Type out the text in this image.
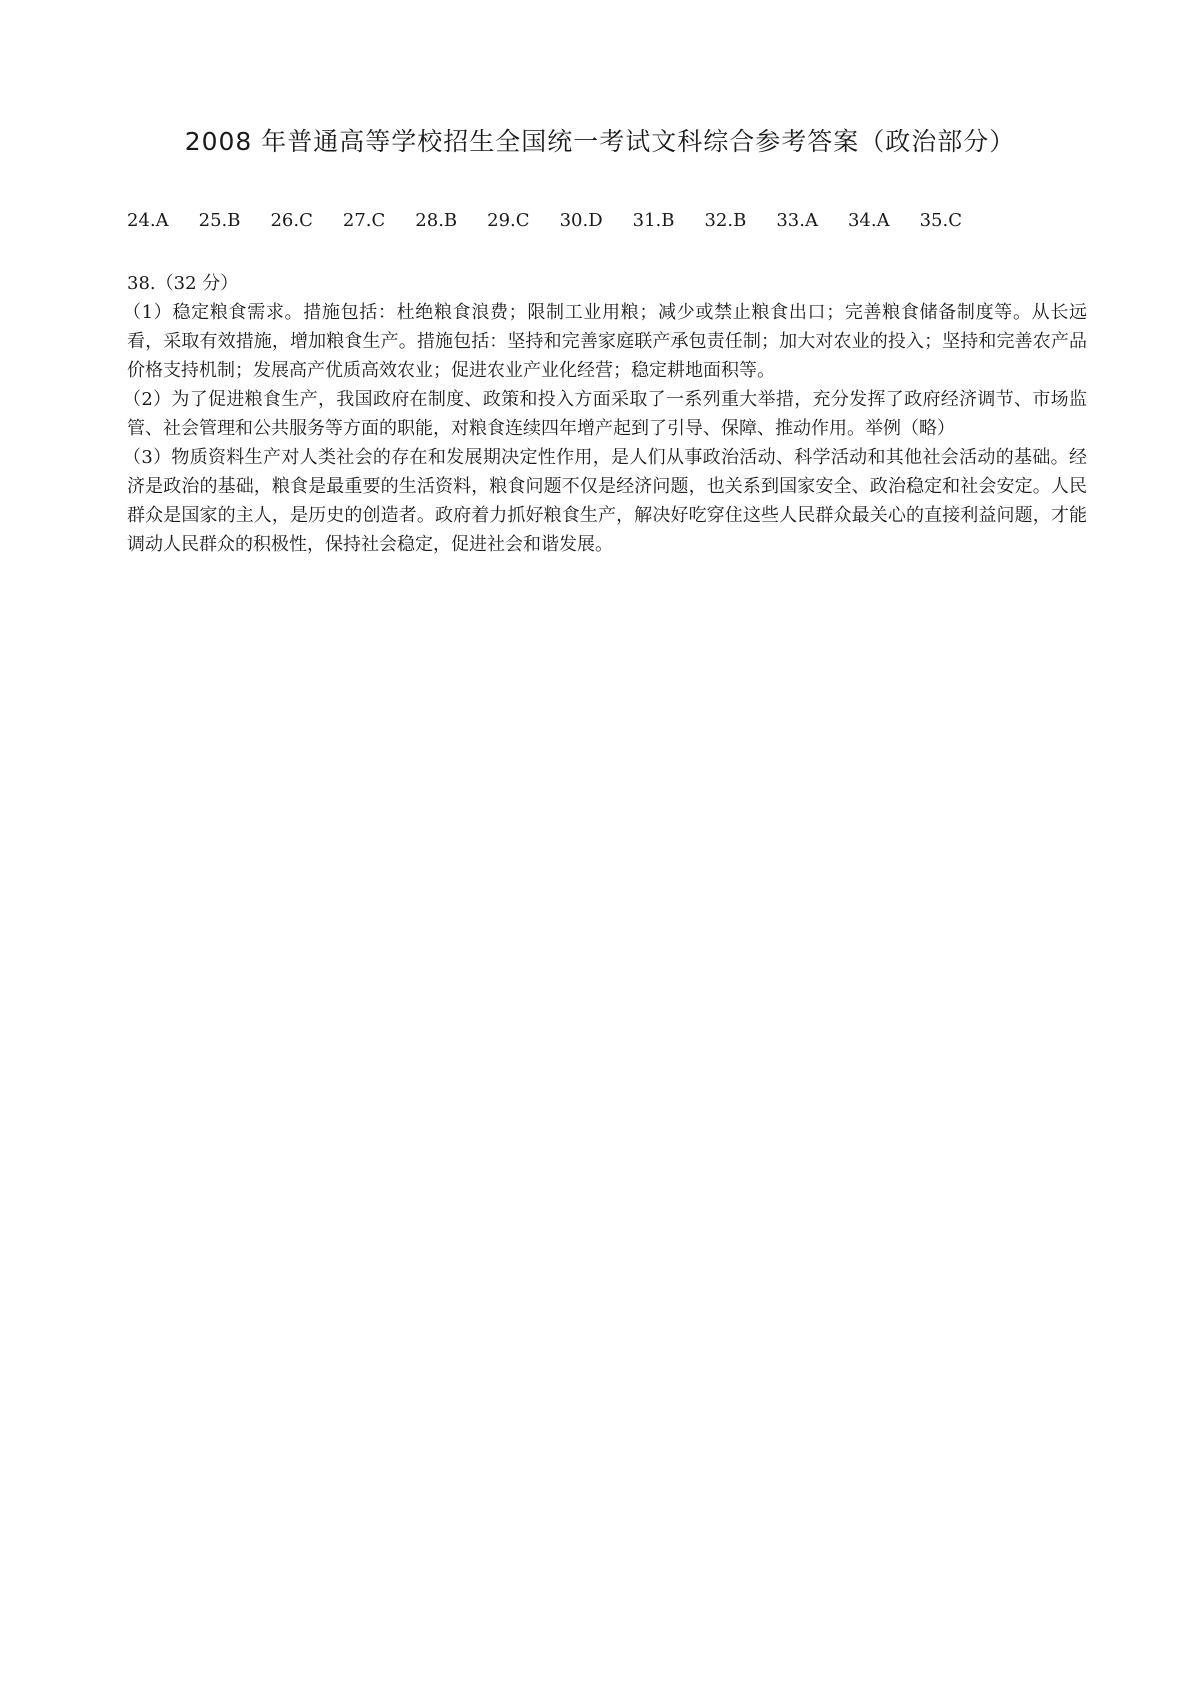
2008 年普通高等学校招生全国统一考试文科综合参考答案（政治部分）
24.A 25.B 26.C 27.C 28.B 29.C 30.D 31.B 32.B 33.A 34.A 35.C

38.（32 分）

（1）稳定粮食需求。措施包括：杜绝粮食浪费；限制工业用粮；减少或禁止粮食出口；完善粮食储备制度等。从长远看，采取有效措施，增加粮食生产。措施包括：坚持和完善家庭联产承包责任制；加大对农业的投入；坚持和完善农产品价格支持机制；发展高产优质高效农业；促进农业产业化经营；稳定耕地面积等。

（2）为了促进粮食生产，我国政府在制度、政策和投入方面采取了一系列重大举措，充分发挥了政府经济调节、市场监管、社会管理和公共服务等方面的职能，对粮食连续四年增产起到了引导、保障、推动作用。举例（略）

（3）物质资料生产对人类社会的存在和发展期决定性作用，是人们从事政治活动、科学活动和其他社会活动的基础。经济是政治的基础，粮食是最重要的生活资料，粮食问题不仅是经济问题，也关系到国家安全、政治稳定和社会安定。人民群众是国家的主人，是历史的创造者。政府着力抓好粮食生产，解决好吃穿住这些人民群众最关心的直接利益问题，才能调动人民群众的积极性，保持社会稳定，促进社会和谐发展。
